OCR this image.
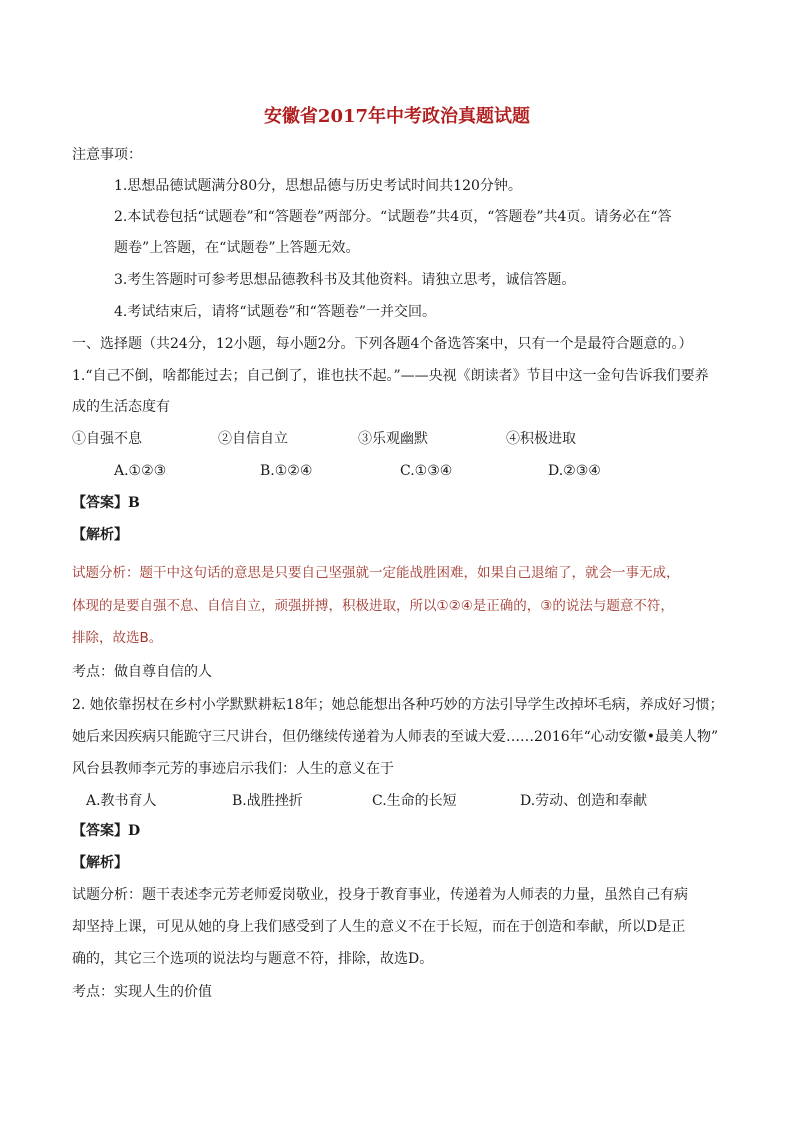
安徽省2017年中考政治真题试题
注意事项：
1.思想品德试题满分80分，思想品德与历史考试时间共120分钟。
2.本试卷包括“试题卷”和“答题卷”两部分。“试题卷”共4页，“答题卷”共4页。请务必在“答
题卷”上答题，在“试题卷”上答题无效。
3.考生答题时可参考思想品德教科书及其他资料。请独立思考，诚信答题。
4.考试结束后，请将“试题卷”和“答题卷”一并交回。
一、选择题（共24分，12小题，每小题2分。下列各题4个备选答案中，只有一个是最符合题意的。）
1.“自己不倒，啥都能过去；自己倒了，谁也扶不起。”——央视《朗读者》节目中这一金句告诉我们要养
成的生活态度有
①自强不息	②自信自立	③乐观幽默	④积极进取
A.①②③	B.①②④	C.①③④	D.②③④
【答案】B
【解析】
试题分析：题干中这句话的意思是只要自己坚强就一定能战胜困难，如果自己退缩了，就会一事无成，
体现的是要自强不息、自信自立，顽强拼搏，积极进取，所以①②④是正确的，③的说法与题意不符，
排除，故选B。
考点：做自尊自信的人
2. 她依靠拐杖在乡村小学默默耕耘18年；她总能想出各种巧妙的方法引导学生改掉坏毛病，养成好习惯；
她后来因疾病只能跪守三尺讲台，但仍继续传递着为人师表的至诚大爱……2016年“心动安徽•最美人物”
风台县教师李元芳的事迹启示我们：人生的意义在于
A.教书育人	B.战胜挫折	C.生命的长短	D.劳动、创造和奉献
【答案】D
【解析】
试题分析：题干表述李元芳老师爱岗敬业，投身于教育事业，传递着为人师表的力量，虽然自己有病
却坚持上课，可见从她的身上我们感受到了人生的意义不在于长短，而在于创造和奉献，所以D是正
确的，其它三个选项的说法均与题意不符，排除，故选D。
考点：实现人生的价值
